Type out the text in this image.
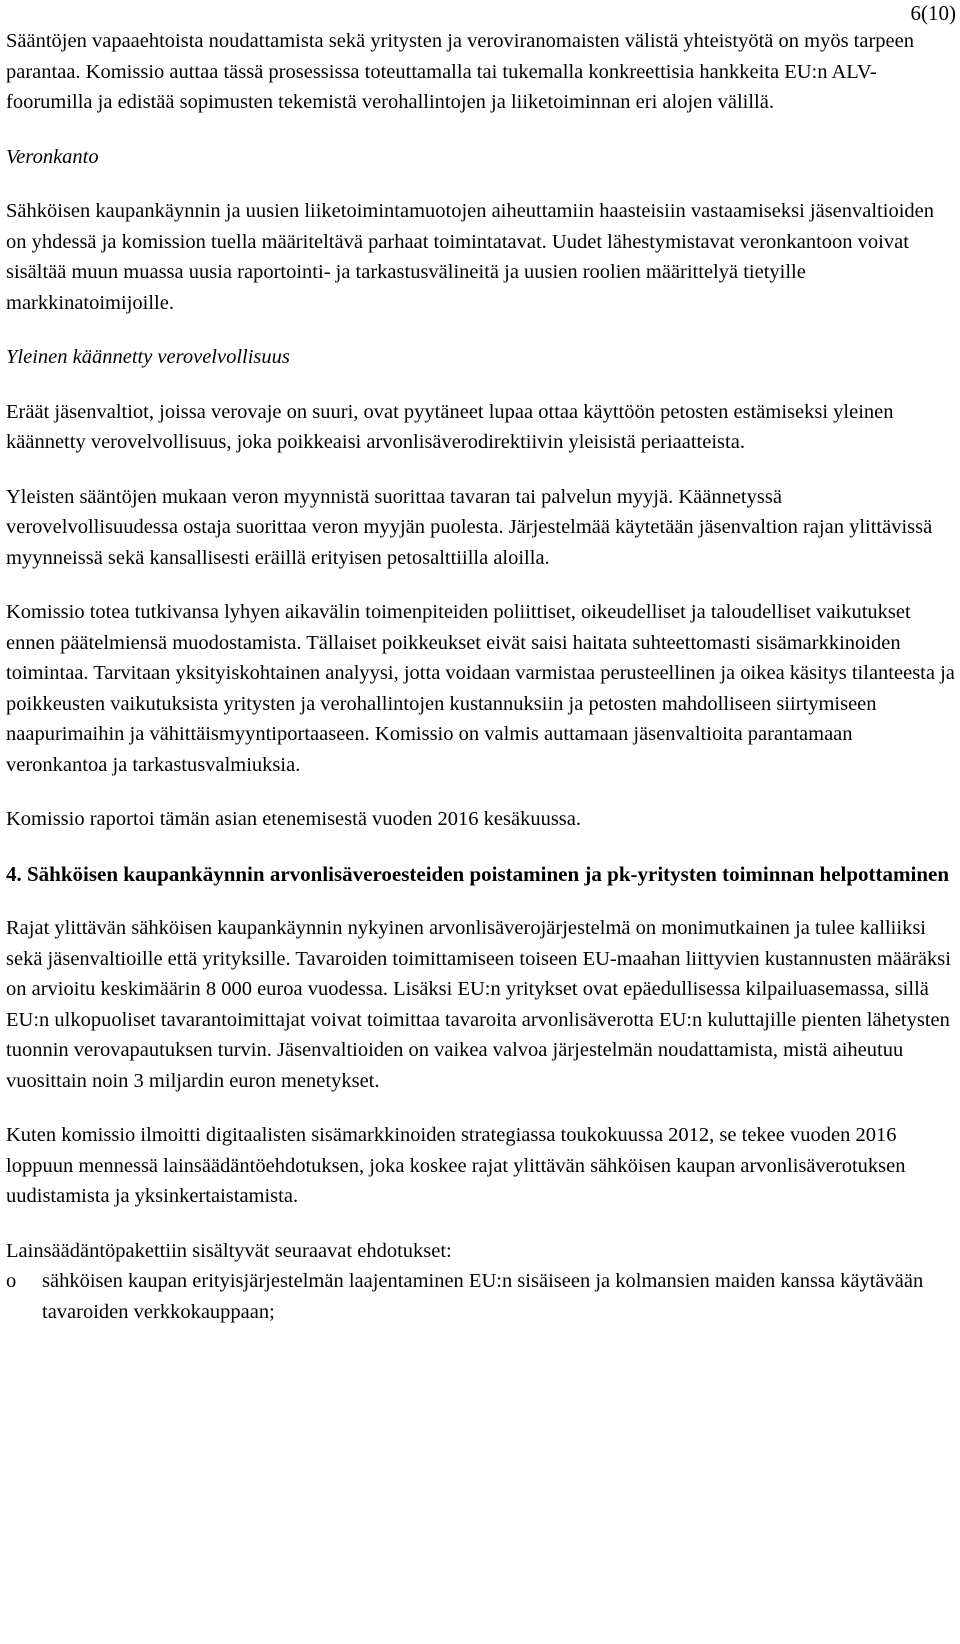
6(10)

Sääntöjen vapaaehtoista noudattamista sekä yritysten ja veroviranomaisten välistä yhteistyötä on myös tarpeen parantaa. Komissio auttaa tässä prosessissa toteuttamalla tai tukemalla konkreettisia hankkeita EU:n ALV-foorumilla ja edistää sopimusten tekemistä verohallintojen ja liiketoiminnan eri alojen välillä.

Veronkanto

Sähköisen kaupankäynnin ja uusien liiketoimintamuotojen aiheuttamiin haasteisiin vastaamiseksi jäsenvaltioiden on yhdessä ja komission tuella määriteltävä parhaat toimintatavat. Uudet lähestymistavat veronkantoon voivat sisältää muun muassa uusia raportointi- ja tarkastusvälineitä ja uusien roolien määrittelyä tietyille markkinatoimijoille.

Yleinen käännetty verovelvollisuus

Eräät jäsenvaltiot, joissa verovaje on suuri, ovat pyytäneet lupaa ottaa käyttöön petosten estämiseksi yleinen käännetty verovelvollisuus, joka poikkeaisi arvonlisäverodirektiivin yleisistä periaatteista.

Yleisten sääntöjen mukaan veron myynnistä suorittaa tavaran tai palvelun myyjä. Käännetyssä verovelvollisuudessa ostaja suorittaa veron myyjän puolesta. Järjestelmää käytetään jäsenvaltion rajan ylittävissä myynneissä sekä kansallisesti eräillä erityisen petosalttiilla aloilla.

Komissio totea tutkivansa lyhyen aikavälin toimenpiteiden poliittiset, oikeudelliset ja taloudelliset vaikutukset ennen päätelmiensä muodostamista. Tällaiset poikkeukset eivät saisi haitata suhteettomasti sisämarkkinoiden toimintaa. Tarvitaan yksityiskohtainen analyysi, jotta voidaan varmistaa perusteellinen ja oikea käsitys tilanteesta ja poikkeusten vaikutuksista yritysten ja verohallintojen kustannuksiin ja petosten mahdolliseen siirtymiseen naapurimaihin ja vähittäismyyntiportaaseen. Komissio on valmis auttamaan jäsenvaltioita parantamaan veronkantoa ja tarkastusvalmiuksia.

Komissio raportoi tämän asian etenemisestä vuoden 2016 kesäkuussa.

4. Sähköisen kaupankäynnin arvonlisäveroesteiden poistaminen ja pk-yritysten toiminnan helpottaminen

Rajat ylittävän sähköisen kaupankäynnin nykyinen arvonlisäverojärjestelmä on monimutkainen ja tulee kalliiksi sekä jäsenvaltioille että yrityksille. Tavaroiden toimittamiseen toiseen EU-maahan liittyvien kustannusten määräksi on arvioitu keskimäärin 8 000 euroa vuodessa. Lisäksi EU:n yritykset ovat epäedullisessa kilpailuasemassa, sillä EU:n ulkopuoliset tavarantoimittajat voivat toimittaa tavaroita arvonlisäverotta EU:n kuluttajille pienten lähetysten tuonnin verovapautuksen turvin. Jäsenvaltioiden on vaikea valvoa järjestelmän noudattamista, mistä aiheutuu vuosittain noin 3 miljardin euron menetykset.

Kuten komissio ilmoitti digitaalisten sisämarkkinoiden strategiassa toukokuussa 2012, se tekee vuoden 2016 loppuun mennessä lainsäädäntöehdotuksen, joka koskee rajat ylittävän sähköisen kaupan arvonlisäverotuksen uudistamista ja yksinkertaistamista.

Lainsäädäntöpakettiin sisältyvät seuraavat ehdotukset:

o	sähköisen kaupan erityisjärjestelmän laajentaminen EU:n sisäiseen ja kolmansien maiden kanssa käytävään tavaroiden verkkokauppaan;
